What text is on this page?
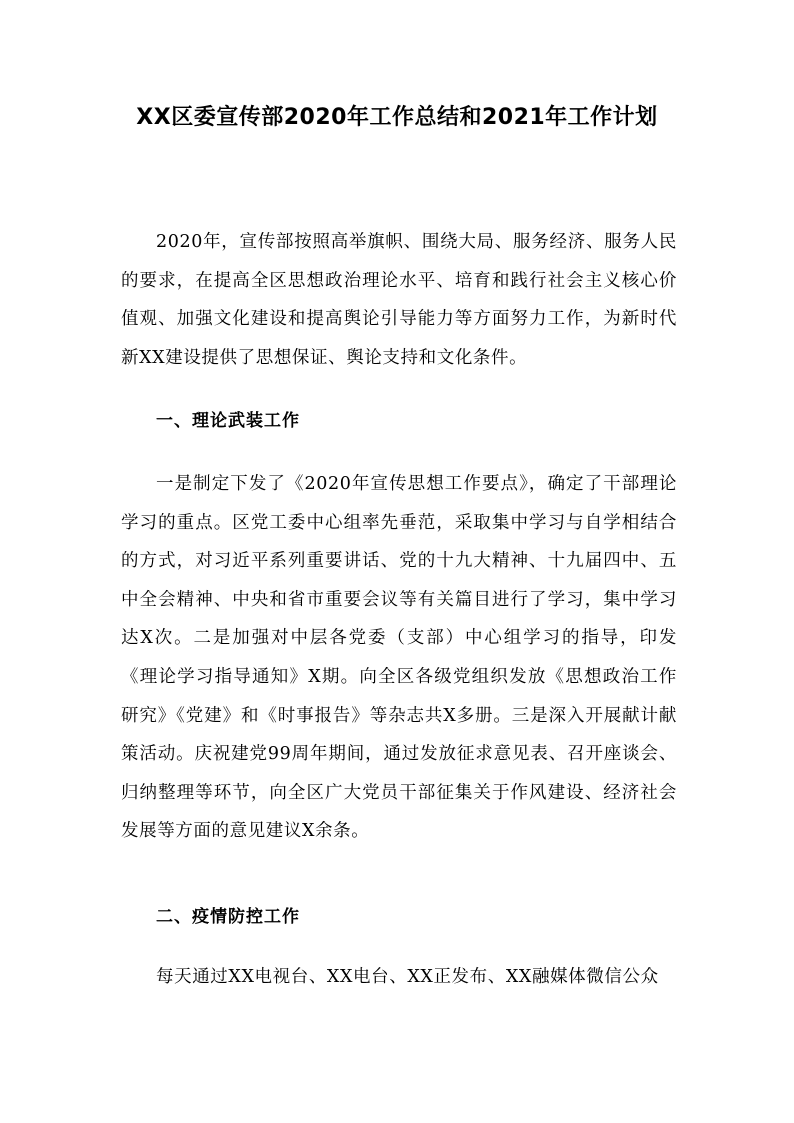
XX区委宣传部2020年工作总结和2021年工作计划

2020年，宣传部按照高举旗帜、围绕大局、服务经济、服务人民的要求，在提高全区思想政治理论水平、培育和践行社会主义核心价值观、加强文化建设和提高舆论引导能力等方面努力工作，为新时代新XX建设提供了思想保证、舆论支持和文化条件。

一、理论武装工作

一是制定下发了《2020年宣传思想工作要点》，确定了干部理论学习的重点。区党工委中心组率先垂范，采取集中学习与自学相结合的方式，对习近平系列重要讲话、党的十九大精神、十九届四中、五中全会精神、中央和省市重要会议等有关篇目进行了学习，集中学习达X次。二是加强对中层各党委（支部）中心组学习的指导，印发《理论学习指导通知》X期。向全区各级党组织发放《思想政治工作研究》《党建》和《时事报告》等杂志共X多册。三是深入开展献计献策活动。庆祝建党99周年期间，通过发放征求意见表、召开座谈会、归纳整理等环节，向全区广大党员干部征集关于作风建设、经济社会发展等方面的意见建议X余条。

二、疫情防控工作

每天通过XX电视台、XX电台、XX正发布、XX融媒体微信公众
